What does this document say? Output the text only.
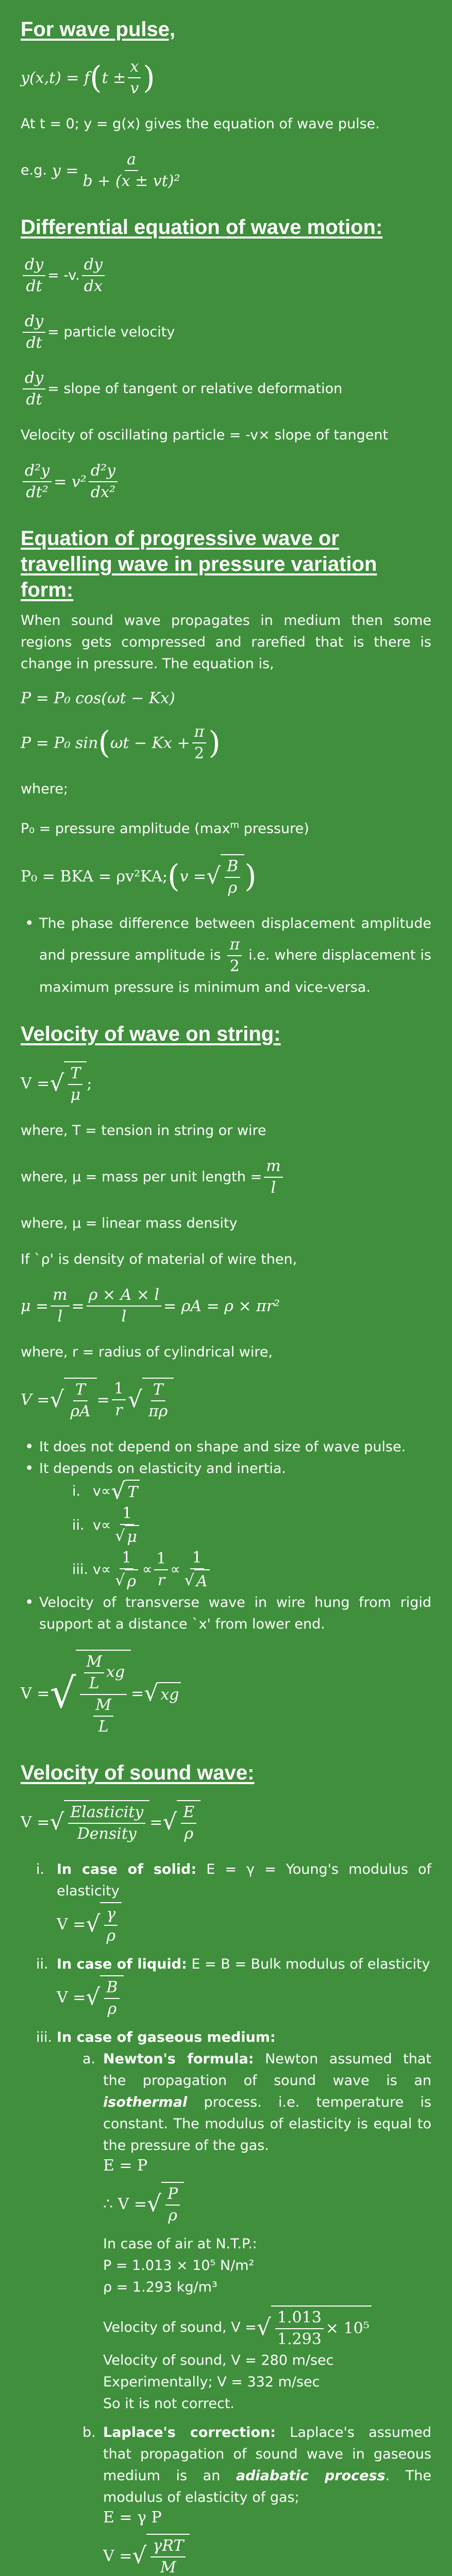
For wave pulse,
y(x,t) = f ( $t \pm \frac{x}{v}$ )

At t = 0; y = g(x) gives the equation of wave pulse.

e.g. $y = \frac{a}{\text{b + (x ± vt)²}}$
Differential equation of wave motion:
$\frac{dy}{dt} = -v$. $\frac{dy}{dx}$
$\frac{dy}{dt}$ = particle velocity
$\frac{dy}{dt}$ = slope of tangent or relative deformation

Velocity of oscillating particle = -v× slope of tangent

$\frac{\text{d²y}}{\text{dt²}} = v^2 \frac{\text{d²y}}{\text{dx²}}$
Equation of progressive wave or travelling wave in pressure variation form:

When sound wave propagates in medium then some regions gets compressed and rarefied that is there is change in pressure. The equation is,

P = P₀ cos(ωt − Kx)
P = P₀ sin ( $\omega t - Kx + \frac{\pi}{2}$ )

where;

P₀ = pressure amplitude ($\max^m$ pressure)

P₀ = BKA = ρv²KA; ( v = √ $\frac{B}{\rho}$ )
• The phase difference between displacement amplitude and pressure amplitude is $\frac{\pi}{2} i.e$. where displacement is maximum pressure is minimum and vice-versa.
Velocity of wave on string:
V = √ $\frac{T}{\mu}$ ;

where, T = tension in string or wire

where, μ = mass per unit length = $\frac{m}{l}$

where, μ = linear mass density

If `ρ' is density of material of wire then,

$\mu = \frac{m}{l} = \frac{\rho \times A \times l}{l} = \rho A = \rho \times \pi r^2$

where, r = radius of cylindrical wire,

V = √ $\frac{T}{\rho A} = \frac{1}{r}$ √ $\frac{T}{\pi\rho}$
• It does not depend on shape and size of wave pulse.
• It depends on elasticity and inertia.
i. v∝ √ T
ii. $v\propto \frac{1}{√ \mu}$
iii. $v\propto \frac{1}{√ \rho} \propto \frac{1}{r} \propto \frac{1}{√ A}$
• Velocity of transverse wave in wire hung from rigid support at a distance `x' from lower end.
V = √ $\frac{\frac{M}{L} xg}{\frac{M}{L}}$ = √ xg
Velocity of sound wave:
V = √ $\frac{\text{Elasticity}}{\text{Density}}$ = √ $\frac{E}{\rho}$
i. In case of solid: E = γ = Young's modulus of elasticity
V = √ $\frac{\gamma}{\rho}$
ii. In case of liquid: E = B = Bulk modulus of elasticity
V = √ $\frac{B}{\rho}$
iii. In case of gaseous medium:
a. Newton's formula: Newton assumed that the propagation of sound wave is an isothermal process. i.e. temperature is constant. The modulus of elasticity is equal to the pressure of the gas.
E = P
∴ V = √ $\frac{P}{\rho}$
In case of air at N.T.P.:
P = 1.013 × 10⁵ N/m²
ρ = 1.293 kg/m³
Velocity of sound, V = √ $\frac{1.013}{1.293} \times 10^5$
Velocity of sound, V = 280 m/sec
Experimentally; V = 332 m/sec
So it is not correct.
b. Laplace's correction: Laplace's assumed that propagation of sound wave in gaseous medium is an adiabatic process. The modulus of elasticity of gas;
E = γ P
V = √ $\frac{\text{γRT}}{M}$
